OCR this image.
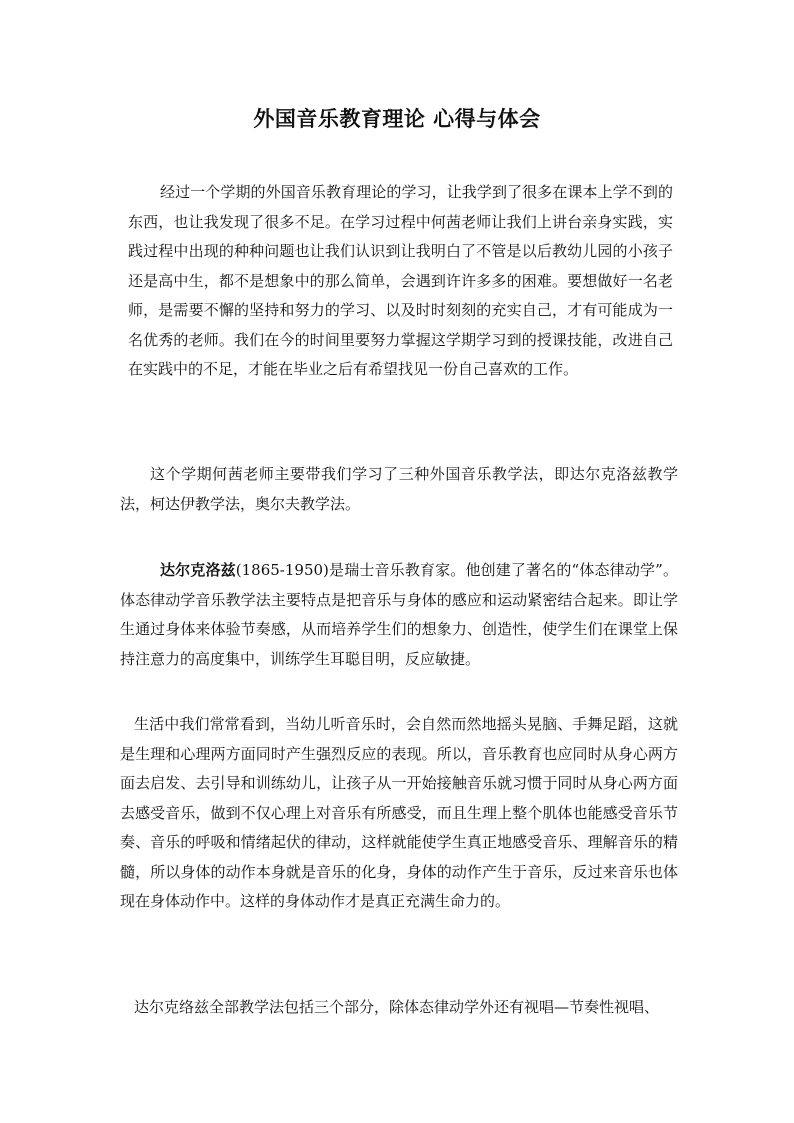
外国音乐教育理论 心得与体会

经过一个学期的外国音乐教育理论的学习，让我学到了很多在课本上学不到的东西，也让我发现了很多不足。在学习过程中何茜老师让我们上讲台亲身实践，实践过程中出现的种种问题也让我们认识到让我明白了不管是以后教幼儿园的小孩子还是高中生，都不是想象中的那么简单，会遇到许许多多的困难。要想做好一名老师，是需要不懈的坚持和努力的学习、以及时时刻刻的充实自己，才有可能成为一名优秀的老师。我们在今的时间里要努力掌握这学期学习到的授课技能，改进自己在实践中的不足，才能在毕业之后有希望找见一份自己喜欢的工作。

这个学期何茜老师主要带我们学习了三种外国音乐教学法，即达尔克洛兹教学法，柯达伊教学法，奥尔夫教学法。

达尔克洛兹(1865-1950)是瑞士音乐教育家。他创建了著名的“体态律动学”。体态律动学音乐教学法主要特点是把音乐与身体的感应和运动紧密结合起来。即让学生通过身体来体验节奏感，从而培养学生们的想象力、创造性，使学生们在课堂上保持注意力的高度集中，训练学生耳聪目明，反应敏捷。

生活中我们常常看到，当幼儿听音乐时，会自然而然地摇头晃脑、手舞足蹈，这就是生理和心理两方面同时产生强烈反应的表现。所以，音乐教育也应同时从身心两方面去启发、去引导和训练幼儿，让孩子从一开始接触音乐就习惯于同时从身心两方面去感受音乐，做到不仅心理上对音乐有所感受，而且生理上整个肌体也能感受音乐节奏、音乐的呼吸和情绪起伏的律动，这样就能使学生真正地感受音乐、理解音乐的精髓，所以身体的动作本身就是音乐的化身，身体的动作产生于音乐，反过来音乐也体现在身体动作中。这样的身体动作才是真正充满生命力的。

达尔克络兹全部教学法包括三个部分，除体态律动学外还有视唱—节奏性视唱、
